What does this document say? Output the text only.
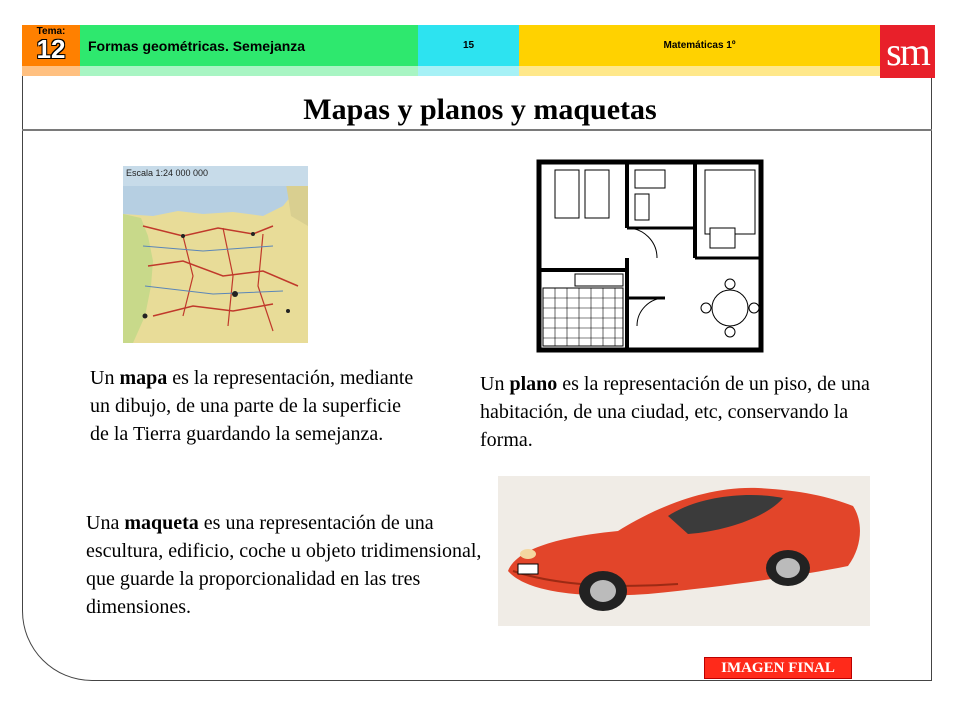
Tema:
12	Formas geométricas. Semejanza	15	Matemáticas 1º	sm
Mapas y planos y maquetas
Escala 1:24 000 000

Un mapa es la representación, mediante un dibujo, de una parte de la superficie de la Tierra guardando la semejanza.

Un plano es la representación de un piso, de una habitación, de una ciudad, etc, conservando la forma.

Una maqueta es una representación de una escultura, edificio, coche u objeto tridimensional, que guarde la proporcionalidad en las tres dimensiones.

IMAGEN FINAL
